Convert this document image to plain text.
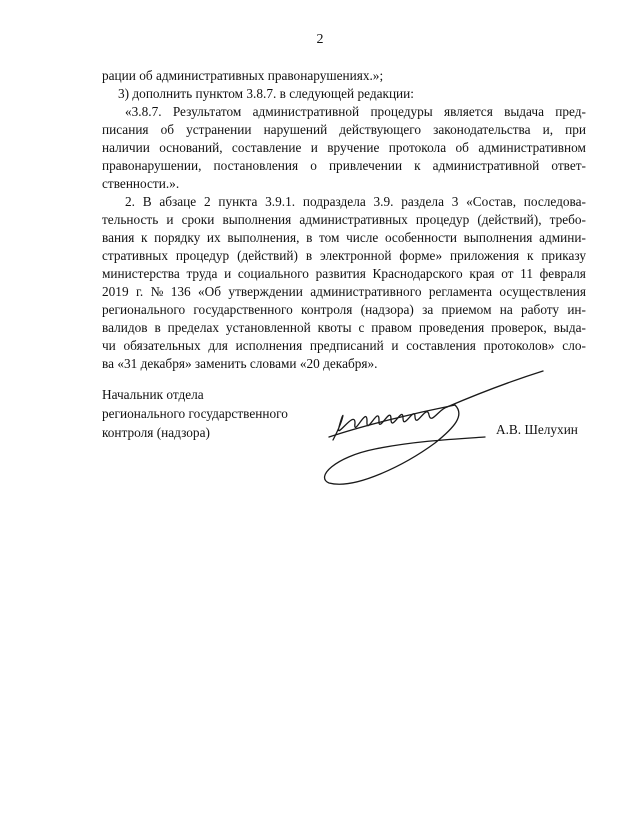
2
рации об административных правонарушениях.»;
3) дополнить пунктом 3.8.7. в следующей редакции:
«3.8.7. Результатом административной процедуры является выдача пред-
писания об устранении нарушений действующего законодательства и, при
наличии оснований, составление и вручение протокола об административном
правонарушении, постановления о привлечении к административной ответ-
ственности.».
2. В абзаце 2 пункта 3.9.1. подраздела 3.9. раздела 3 «Состав, последова-
тельность и сроки выполнения административных процедур (действий), требо-
вания к порядку их выполнения, в том числе особенности выполнения админи-
стративных процедур (действий) в электронной форме» приложения к приказу
министерства труда и социального развития Краснодарского края от 11 февраля
2019 г. № 136 «Об утверждении административного регламента осуществления
регионального государственного контроля (надзора) за приемом на работу ин-
валидов в пределах установленной квоты с правом проведения проверок, выда-
чи обязательных для исполнения предписаний и составления протоколов» сло-
ва «31 декабря» заменить словами «20 декабря».
Начальник отдела
регионального государственного
контроля (надзора)	А.В. Шелухин
